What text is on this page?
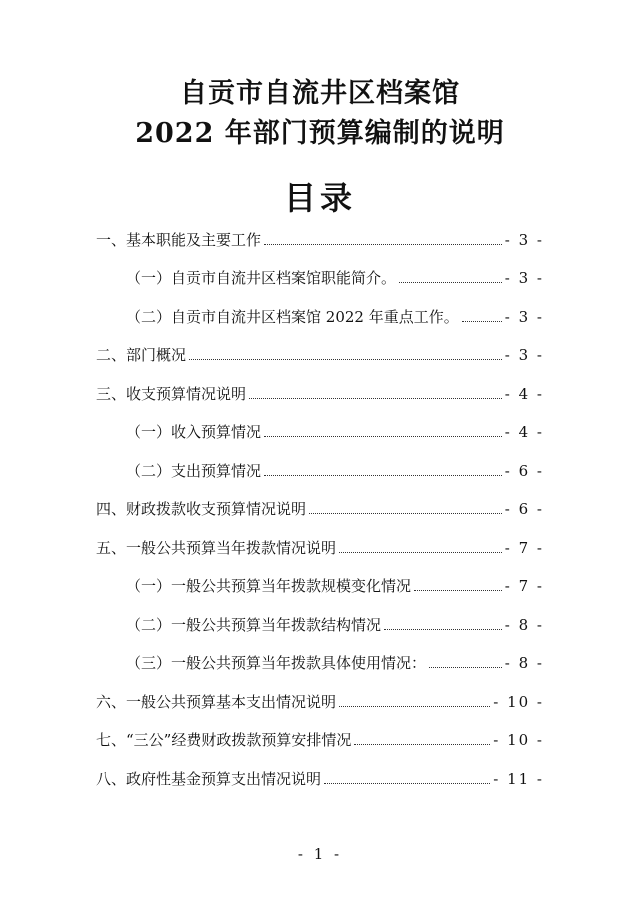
自贡市自流井区档案馆
2022 年部门预算编制的说明
目录
一、基本职能及主要工作	- 3 -
（一）自贡市自流井区档案馆职能简介。	- 3 -
（二）自贡市自流井区档案馆 2022 年重点工作。	- 3 -
二、部门概况	- 3 -
三、收支预算情况说明	- 4 -
（一）收入预算情况	- 4 -
（二）支出预算情况	- 6 -
四、财政拨款收支预算情况说明	- 6 -
五、一般公共预算当年拨款情况说明	- 7 -
（一）一般公共预算当年拨款规模变化情况	- 7 -
（二）一般公共预算当年拨款结构情况	- 8 -
（三）一般公共预算当年拨款具体使用情况：	- 8 -
六、一般公共预算基本支出情况说明	- 10 -
七、“三公”经费财政拨款预算安排情况	- 10 -
八、政府性基金预算支出情况说明	- 11 -
- 1 -
